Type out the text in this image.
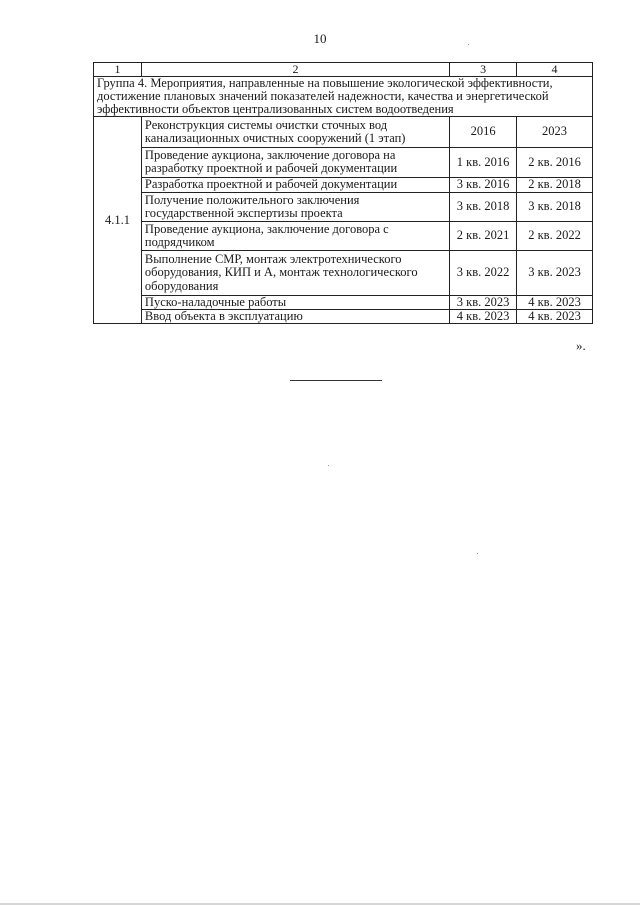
10
1	2	3	4
Группа 4. Мероприятия, направленные на повышение экологической эффективности, достижение плановых значений показателей надежности, качества и энергетической эффективности объектов централизованных систем водоотведения			
4.1.1	Реконструкция системы очистки сточных вод канализационных очистных сооружений (1 этап)	2016	2023
	Проведение аукциона, заключение договора на разработку проектной и рабочей документации	1 кв. 2016	2 кв. 2016
	Разработка проектной и рабочей документации	3 кв. 2016	2 кв. 2018
	Получение положительного заключения государственной экспертизы проекта	3 кв. 2018	3 кв. 2018
	Проведение аукциона, заключение договора с подрядчиком	2 кв. 2021	2 кв. 2022
	Выполнение СМР, монтаж электротехнического оборудования, КИП и А, монтаж технологического оборудования	3 кв. 2022	3 кв. 2023
	Пуско-наладочные работы	3 кв. 2023	4 кв. 2023
	Ввод объекта в эксплуатацию	4 кв. 2023	4 кв. 2023
».
